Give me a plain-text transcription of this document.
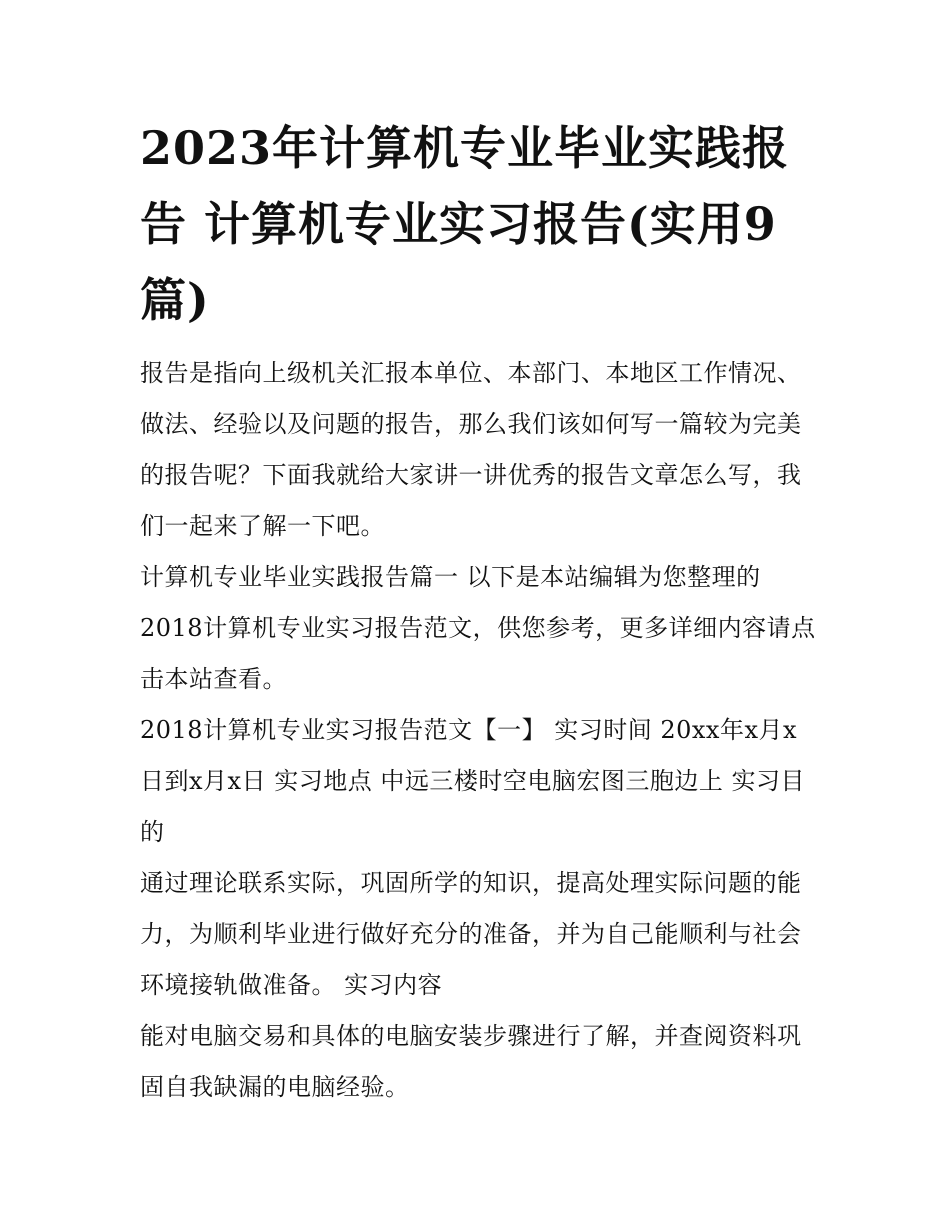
2023年计算机专业毕业实践报告 计算机专业实习报告(实用9篇)

报告是指向上级机关汇报本单位、本部门、本地区工作情况、做法、经验以及问题的报告，那么我们该如何写一篇较为完美的报告呢？下面我就给大家讲一讲优秀的报告文章怎么写，我们一起来了解一下吧。

计算机专业毕业实践报告篇一 以下是本站编辑为您整理的2018计算机专业实习报告范文，供您参考，更多详细内容请点击本站查看。

2018计算机专业实习报告范文【一】 实习时间 20xx年x月x日到x月x日 实习地点 中远三楼时空电脑宏图三胞边上 实习目的

通过理论联系实际，巩固所学的知识，提高处理实际问题的能力，为顺利毕业进行做好充分的准备，并为自己能顺利与社会环境接轨做准备。 实习内容

能对电脑交易和具体的电脑安装步骤进行了解，并查阅资料巩固自我缺漏的电脑经验。
